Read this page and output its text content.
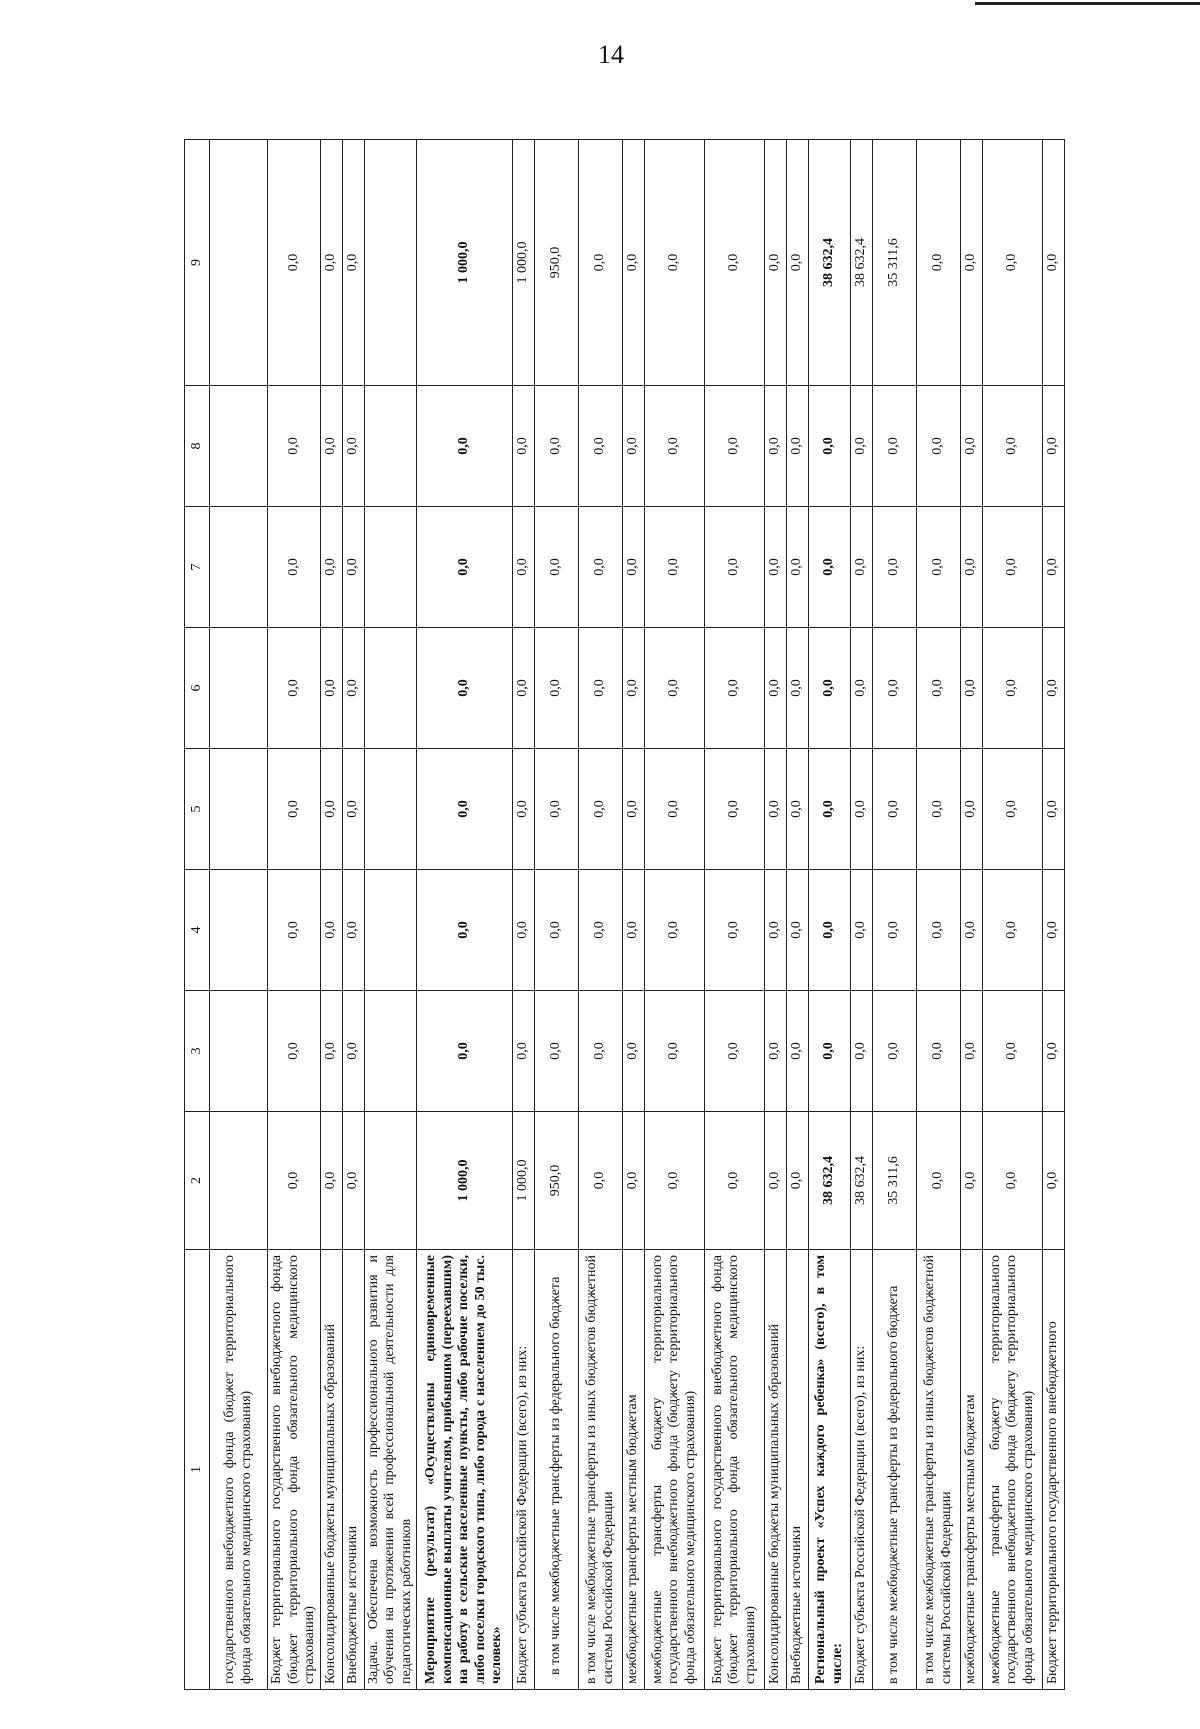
14
1	2	3	4	5	6	7	8	9
государственного внебюджетного фонда (бюджет территориального фонда обязательного медицинского страхования)								
Бюджет территориального государственного внебюджетного фонда (бюджет территориального фонда обязательного медицинского страхования)	0,0	0,0	0,0	0,0	0,0	0,0	0,0	0,0
Консолидированные бюджеты муниципальных образований	0,0	0,0	0,0	0,0	0,0	0,0	0,0	0,0
Внебюджетные источники	0,0	0,0	0,0	0,0	0,0	0,0	0,0	0,0
Задача. Обеспечена возможность профессионального развития и обучения на протяжении всей профессиональной деятельности для педагогических работников								
Мероприятие (результат) «Осуществлены единовременные компенсационные выплаты учителям, прибывшим (переехавшим) на работу в сельские населенные пункты, либо рабочие поселки, либо поселки городского типа, либо города с населением до 50 тыс. человек»	1 000,0	0,0	0,0	0,0	0,0	0,0	0,0	1 000,0
Бюджет субъекта Российской Федерации (всего), из них:	1 000,0	0,0	0,0	0,0	0,0	0,0	0,0	1 000,0
в том числе межбюджетные трансферты из федерального бюджета	950,0	0,0	0,0	0,0	0,0	0,0	0,0	950,0
в том числе межбюджетные трансферты из иных бюджетов бюджетной системы Российской Федерации	0,0	0,0	0,0	0,0	0,0	0,0	0,0	0,0
межбюджетные трансферты местным бюджетам	0,0	0,0	0,0	0,0	0,0	0,0	0,0	0,0
межбюджетные трансферты бюджету территориального государственного внебюджетного фонда (бюджету территориального фонда обязательного медицинского страхования)	0,0	0,0	0,0	0,0	0,0	0,0	0,0	0,0
Бюджет территориального государственного внебюджетного фонда (бюджет территориального фонда обязательного медицинского страхования)	0,0	0,0	0,0	0,0	0,0	0,0	0,0	0,0
Консолидированные бюджеты муниципальных образований	0,0	0,0	0,0	0,0	0,0	0,0	0,0	0,0
Внебюджетные источники	0,0	0,0	0,0	0,0	0,0	0,0	0,0	0,0
Региональный проект «Успех каждого ребенка» (всего), в том числе:	38 632,4	0,0	0,0	0,0	0,0	0,0	0,0	38 632,4
Бюджет субъекта Российской Федерации (всего), из них:	38 632,4	0,0	0,0	0,0	0,0	0,0	0,0	38 632,4
в том числе межбюджетные трансферты из федерального бюджета	35 311,6	0,0	0,0	0,0	0,0	0,0	0,0	35 311,6
в том числе межбюджетные трансферты из иных бюджетов бюджетной системы Российской Федерации	0,0	0,0	0,0	0,0	0,0	0,0	0,0	0,0
межбюджетные трансферты местным бюджетам	0,0	0,0	0,0	0,0	0,0	0,0	0,0	0,0
межбюджетные трансферты бюджету территориального государственного внебюджетного фонда (бюджету территориального фонда обязательного медицинского страхования)	0,0	0,0	0,0	0,0	0,0	0,0	0,0	0,0
Бюджет территориального государственного внебюджетного	0,0	0,0	0,0	0,0	0,0	0,0	0,0	0,0
